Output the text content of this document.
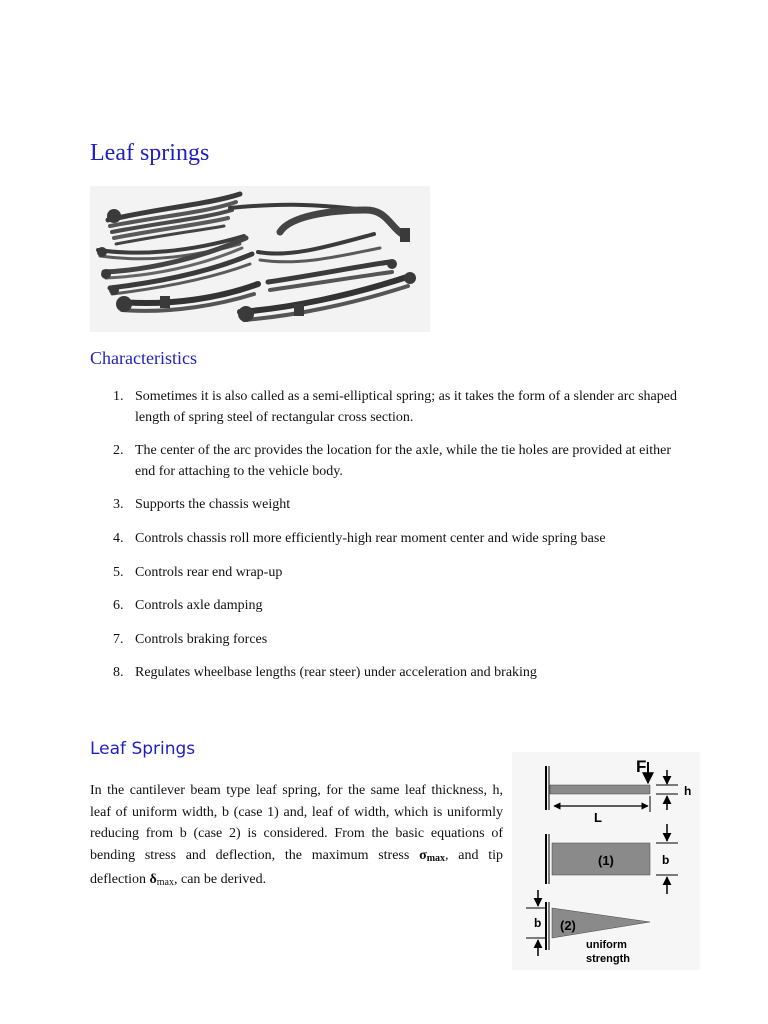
Leaf springs
Characteristics
1. Sometimes it is also called as a semi-elliptical spring; as it takes the form of a slender arc shaped length of spring steel of rectangular cross section.
2. The center of the arc provides the location for the axle, while the tie holes are provided at either end for attaching to the vehicle body.
3. Supports the chassis weight
4. Controls chassis roll more efficiently-high rear moment center and wide spring base
5. Controls rear end wrap-up
6. Controls axle damping
7. Controls braking forces
8. Regulates wheelbase lengths (rear steer) under acceleration and braking
Leaf Springs

In the cantilever beam type leaf spring, for the same leaf thickness, h, leaf of uniform width, b (case 1) and, leaf of width, which is uniformly reducing from b (case 2) is considered. From the basic equations of bending stress and deflection, the maximum stress $\sigma_{max}$, and tip deflection $\delta_{max}$, can be derived.

F
h
L
(1)	b
(2)
b
uniform
strength
